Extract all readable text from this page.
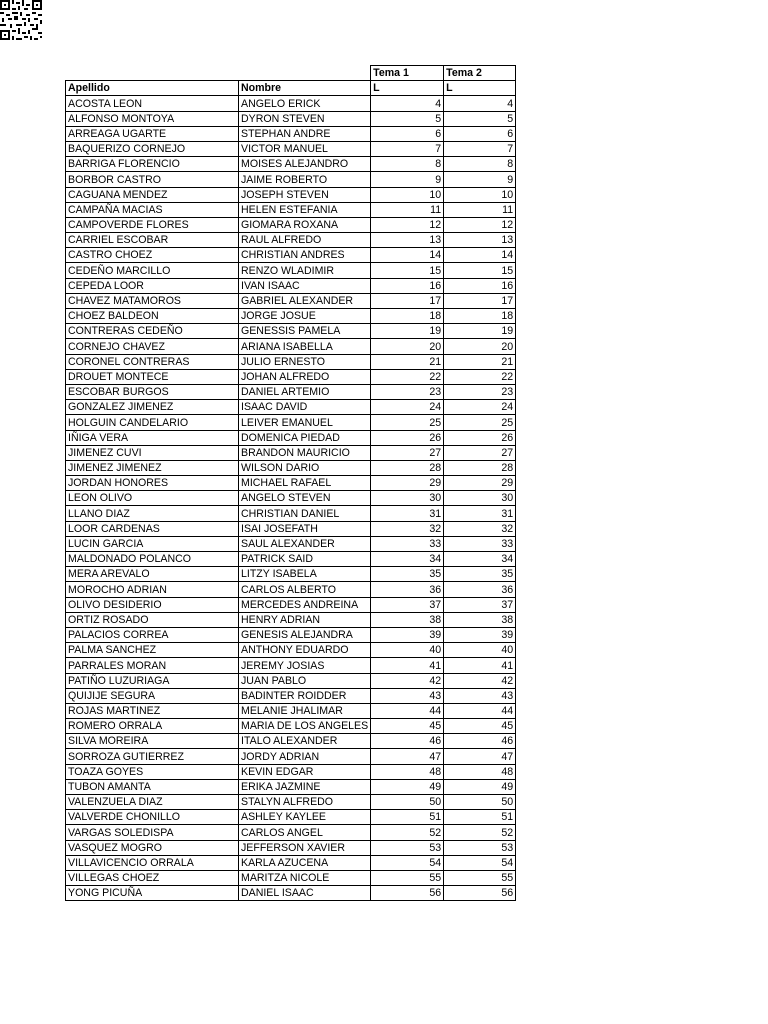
		Tema 1	Tema 2
Apellido	Nombre	L	L
ACOSTA LEON	ANGELO ERICK	4	4
ALFONSO MONTOYA	DYRON STEVEN	5	5
ARREAGA UGARTE	STEPHAN ANDRE	6	6
BAQUERIZO CORNEJO	VICTOR MANUEL	7	7
BARRIGA FLORENCIO	MOISES ALEJANDRO	8	8
BORBOR CASTRO	JAIME ROBERTO	9	9
CAGUANA MENDEZ	JOSEPH STEVEN	10	10
CAMPAÑA MACIAS	HELEN ESTEFANIA	11	11
CAMPOVERDE FLORES	GIOMARA ROXANA	12	12
CARRIEL ESCOBAR	RAUL ALFREDO	13	13
CASTRO CHOEZ	CHRISTIAN ANDRES	14	14
CEDEÑO MARCILLO	RENZO WLADIMIR	15	15
CEPEDA LOOR	IVAN ISAAC	16	16
CHAVEZ MATAMOROS	GABRIEL ALEXANDER	17	17
CHOEZ BALDEON	JORGE JOSUE	18	18
CONTRERAS CEDEÑO	GENESSIS PAMELA	19	19
CORNEJO CHAVEZ	ARIANA ISABELLA	20	20
CORONEL CONTRERAS	JULIO ERNESTO	21	21
DROUET MONTECE	JOHAN ALFREDO	22	22
ESCOBAR BURGOS	DANIEL ARTEMIO	23	23
GONZALEZ JIMENEZ	ISAAC DAVID	24	24
HOLGUIN CANDELARIO	LEIVER EMANUEL	25	25
IÑIGA VERA	DOMENICA PIEDAD	26	26
JIMENEZ CUVI	BRANDON MAURICIO	27	27
JIMENEZ JIMENEZ	WILSON DARIO	28	28
JORDAN HONORES	MICHAEL RAFAEL	29	29
LEON OLIVO	ANGELO STEVEN	30	30
LLANO DIAZ	CHRISTIAN DANIEL	31	31
LOOR CARDENAS	ISAI JOSEFATH	32	32
LUCIN GARCIA	SAUL ALEXANDER	33	33
MALDONADO POLANCO	PATRICK SAID	34	34
MERA AREVALO	LITZY ISABELA	35	35
MOROCHO ADRIAN	CARLOS ALBERTO	36	36
OLIVO DESIDERIO	MERCEDES ANDREINA	37	37
ORTIZ ROSADO	HENRY ADRIAN	38	38
PALACIOS CORREA	GENESIS ALEJANDRA	39	39
PALMA SANCHEZ	ANTHONY EDUARDO	40	40
PARRALES MORAN	JEREMY JOSIAS	41	41
PATIÑO LUZURIAGA	JUAN PABLO	42	42
QUIJIJE SEGURA	BADINTER ROIDDER	43	43
ROJAS MARTINEZ	MELANIE JHALIMAR	44	44
ROMERO ORRALA	MARIA DE LOS ANGELES	45	45
SILVA MOREIRA	ITALO ALEXANDER	46	46
SORROZA GUTIERREZ	JORDY ADRIAN	47	47
TOAZA GOYES	KEVIN EDGAR	48	48
TUBON AMANTA	ERIKA JAZMINE	49	49
VALENZUELA DIAZ	STALYN ALFREDO	50	50
VALVERDE CHONILLO	ASHLEY KAYLEE	51	51
VARGAS SOLEDISPA	CARLOS ANGEL	52	52
VASQUEZ MOGRO	JEFFERSON XAVIER	53	53
VILLAVICENCIO ORRALA	KARLA AZUCENA	54	54
VILLEGAS CHOEZ	MARITZA NICOLE	55	55
YONG PICUÑA	DANIEL ISAAC	56	56
